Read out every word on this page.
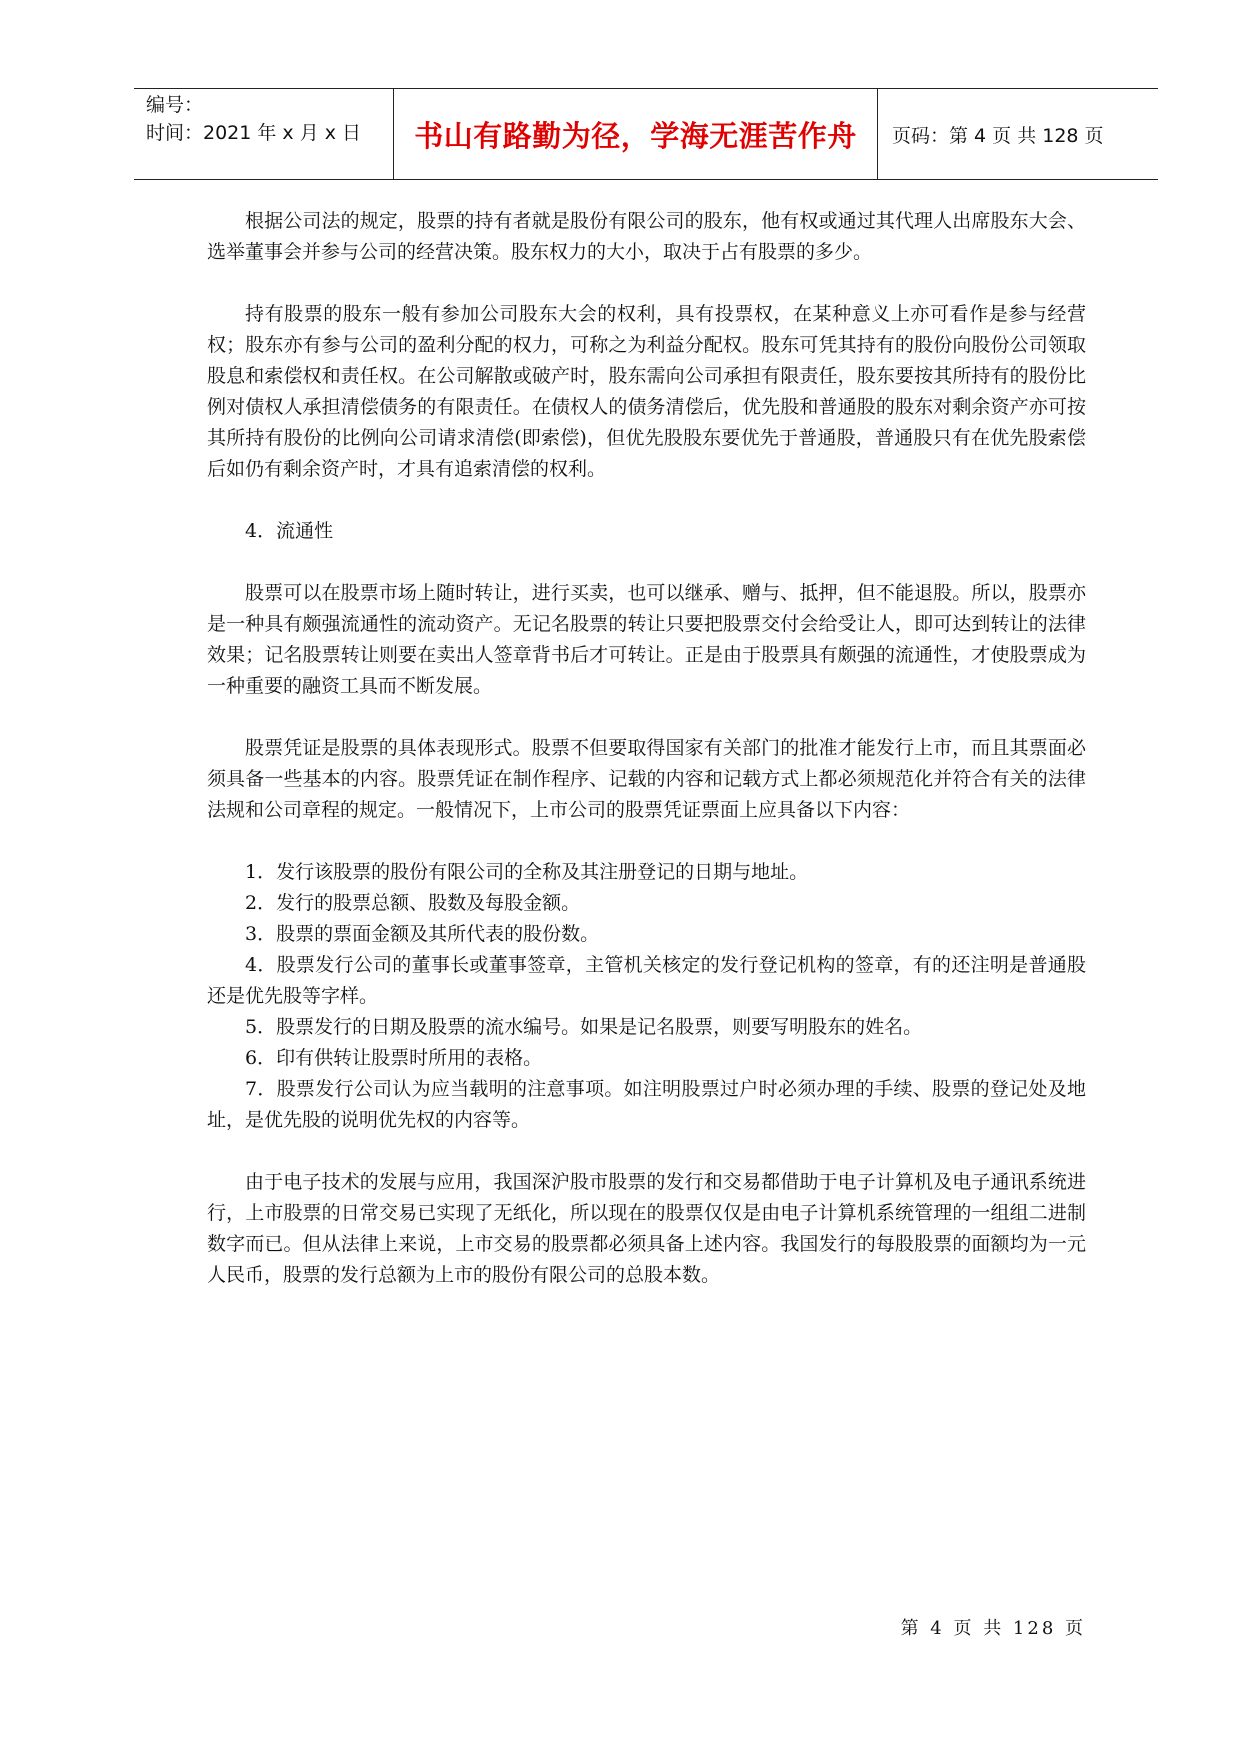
编号：
时间：2021 年 x 月 x 日	书山有路勤为径，学海无涯苦作舟	页码：第 4 页 共 128 页

根据公司法的规定，股票的持有者就是股份有限公司的股东，他有权或通过其代理人出席股东大会、选举董事会并参与公司的经营决策。股东权力的大小，取决于占有股票的多少。

持有股票的股东一般有参加公司股东大会的权利，具有投票权，在某种意义上亦可看作是参与经营权；股东亦有参与公司的盈利分配的权力，可称之为利益分配权。股东可凭其持有的股份向股份公司领取股息和索偿权和责任权。在公司解散或破产时，股东需向公司承担有限责任，股东要按其所持有的股份比例对债权人承担清偿债务的有限责任。在债权人的债务清偿后，优先股和普通股的股东对剩余资产亦可按其所持有股份的比例向公司请求清偿(即索偿)，但优先股股东要优先于普通股，普通股只有在优先股索偿后如仍有剩余资产时，才具有追索清偿的权利。

4．流通性

股票可以在股票市场上随时转让，进行买卖，也可以继承、赠与、抵押，但不能退股。所以，股票亦是一种具有颇强流通性的流动资产。无记名股票的转让只要把股票交付会给受让人，即可达到转让的法律效果；记名股票转让则要在卖出人签章背书后才可转让。正是由于股票具有颇强的流通性，才使股票成为一种重要的融资工具而不断发展。

股票凭证是股票的具体表现形式。股票不但要取得国家有关部门的批准才能发行上市，而且其票面必须具备一些基本的内容。股票凭证在制作程序、记载的内容和记载方式上都必须规范化并符合有关的法律法规和公司章程的规定。一般情况下，上市公司的股票凭证票面上应具备以下内容：

1．发行该股票的股份有限公司的全称及其注册登记的日期与地址。

2．发行的股票总额、股数及每股金额。

3．股票的票面金额及其所代表的股份数。

4．股票发行公司的董事长或董事签章，主管机关核定的发行登记机构的签章，有的还注明是普通股还是优先股等字样。

5．股票发行的日期及股票的流水编号。如果是记名股票，则要写明股东的姓名。

6．印有供转让股票时所用的表格。

7．股票发行公司认为应当载明的注意事项。如注明股票过户时必须办理的手续、股票的登记处及地址，是优先股的说明优先权的内容等。

由于电子技术的发展与应用，我国深沪股市股票的发行和交易都借助于电子计算机及电子通讯系统进行，上市股票的日常交易已实现了无纸化，所以现在的股票仅仅是由电子计算机系统管理的一组组二进制数字而已。但从法律上来说，上市交易的股票都必须具备上述内容。我国发行的每股股票的面额均为一元人民币，股票的发行总额为上市的股份有限公司的总股本数。

第 4 页 共 128 页
